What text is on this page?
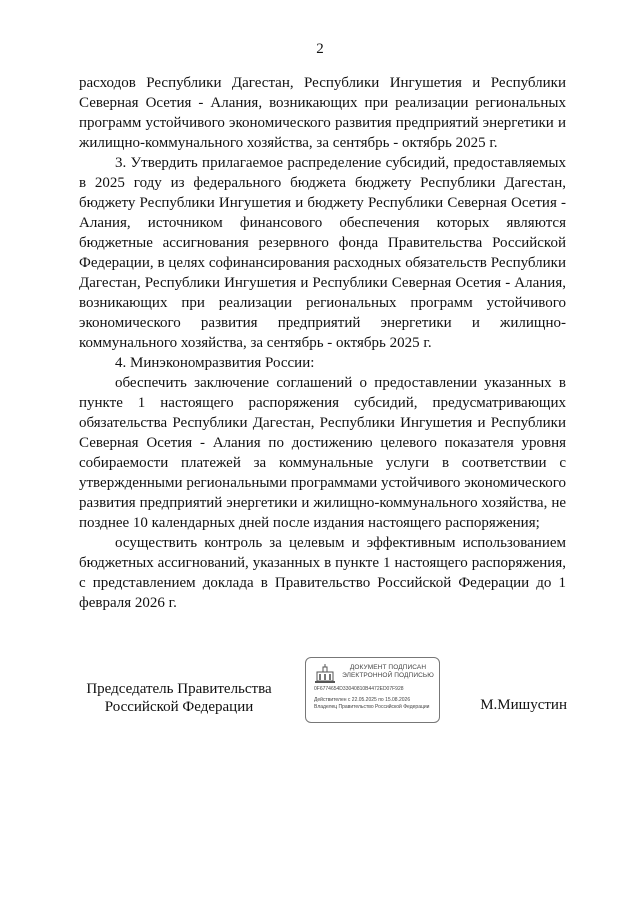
2

расходов Республики Дагестан, Республики Ингушетия и Республики Северная Осетия - Алания, возникающих при реализации региональных программ устойчивого экономического развития предприятий энергетики и жилищно-коммунального хозяйства, за сентябрь - октябрь 2025 г.

3. Утвердить прилагаемое распределение субсидий, предоставляемых в 2025 году из федерального бюджета бюджету Республики Дагестан, бюджету Республики Ингушетия и бюджету Республики Северная Осетия - Алания, источником финансового обеспечения которых являются бюджетные ассигнования резервного фонда Правительства Российской Федерации, в целях софинансирования расходных обязательств Республики Дагестан, Республики Ингушетия и Республики Северная Осетия - Алания, возникающих при реализации региональных программ устойчивого экономического развития предприятий энергетики и жилищно-коммунального хозяйства, за сентябрь - октябрь 2025 г.

4. Минэкономразвития России:

обеспечить заключение соглашений о предоставлении указанных в пункте 1 настоящего распоряжения субсидий, предусматривающих обязательства Республики Дагестан, Республики Ингушетия и Республики Северная Осетия - Алания по достижению целевого показателя уровня собираемости платежей за коммунальные услуги в соответствии с утвержденными региональными программами устойчивого экономического развития предприятий энергетики и жилищно-коммунального хозяйства, не позднее 10 календарных дней после издания настоящего распоряжения;

осуществить контроль за целевым и эффективным использованием бюджетных ассигнований, указанных в пункте 1 настоящего распоряжения, с представлением доклада в Правительство Российской Федерации до 1 февраля 2026 г.

Председатель Правительства
Российской Федерации
ДОКУМЕНТ ПОДПИСАН
ЭЛЕКТРОННОЙ ПОДПИСЬЮ
0F6774654D33040810B4472ED07F928
Действителен с 22.05.2025 по 15.08.2026
Владелец Правительство Российской Федерации	М.Мишустин
